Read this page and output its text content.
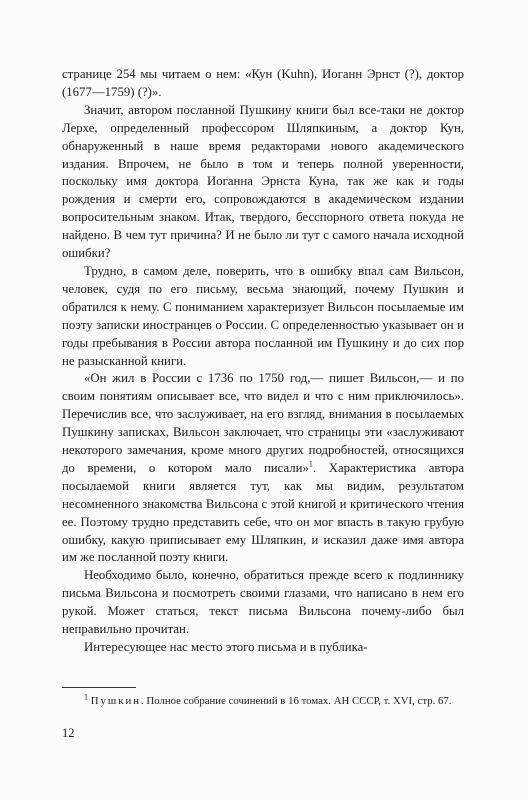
странице 254 мы читаем о нем: «Кун (Kuhn), Иоганн Эрнст (?), доктор (1677—1759) (?)».

Значит, автором посланной Пушкину книги был все-таки не доктор Лерхе, определенный профессором Шляпкиным, а доктор Кун, обнаруженный в наше время редакторами нового академического издания. Впрочем, не было в том и теперь полной уверенности, поскольку имя доктора Иоганна Эрнста Куна, так же как и годы рождения и смерти его, сопровождаются в академическом издании вопросительным знаком. Итак, твердого, бесспорного ответа покуда не найдено. В чем тут причина? И не было ли тут с самого начала исходной ошибки?

Трудно, в самом деле, поверить, что в ошибку впал сам Вильсон, человек, судя по его письму, весьма знающий, почему Пушкин и обратился к нему. С пониманием характеризует Вильсон посылаемые им поэту записки иностранцев о России. С определенностью указывает он и годы пребывания в России автора посланной им Пушкину и до сих пор не разысканной книги.

«Он жил в России с 1736 по 1750 год,— пишет Вильсон,— и по своим понятиям описывает все, что видел и что с ним приключилось». Перечислив все, что заслуживает, на его взгляд, внимания в посылаемых Пушкину записках, Вильсон заключает, что страницы эти «заслуживают некоторого замечания, кроме много других подробностей, относящихся до времени, о котором мало писали»$^1$. Характеристика автора посылаемой книги является тут, как мы видим, результатом несомненного знакомства Вильсона с этой книгой и критического чтения ее. Поэтому трудно представить себе, что он мог впасть в такую грубую ошибку, какую приписывает ему Шляпкин, и исказил даже имя автора им же посланной поэту книги.

Необходимо было, конечно, обратиться прежде всего к подлиннику письма Вильсона и посмотреть своими глазами, что написано в нем его рукой. Может статься, текст письма Вильсона почему-либо был неправильно прочитан.

Интересующее нас место этого письма и в публика-

$^1$ Пушкин. Полное собрание сочинений в 16 томах. АН СССР, т. XVI, стр. 67.
12
